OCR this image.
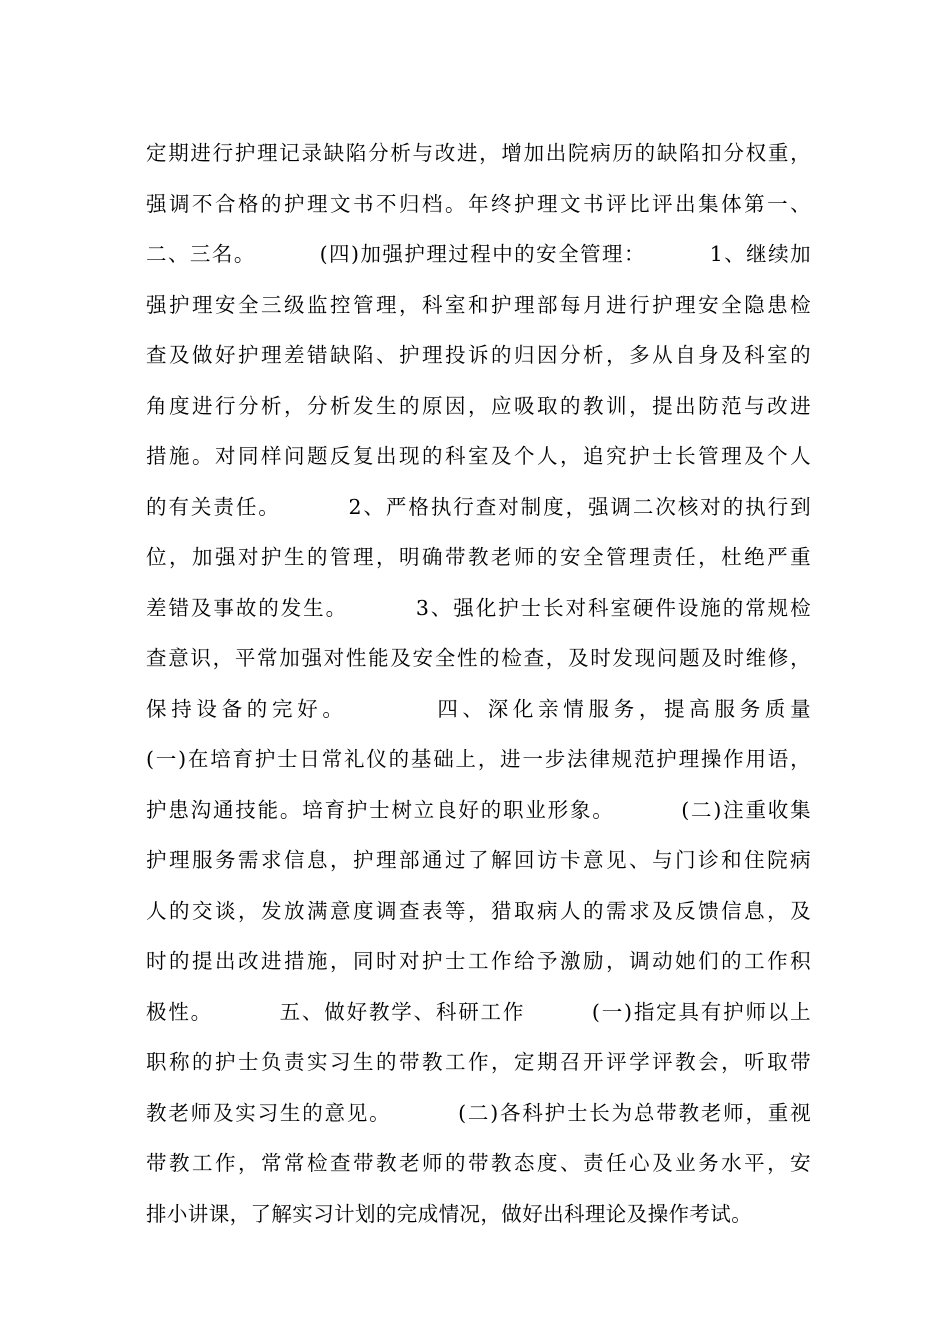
定期进行护理记录缺陷分析与改进，增加出院病历的缺陷扣分权重，
强调不合格的护理文书不归档。年终护理文书评比评出集体第一、
二、三名。        (四)加强护理过程中的安全管理：        1、继续加
强护理安全三级监控管理，科室和护理部每月进行护理安全隐患检
查及做好护理差错缺陷、护理投诉的归因分析，多从自身及科室的
角度进行分析，分析发生的原因，应吸取的教训，提出防范与改进
措施。对同样问题反复出现的科室及个人，追究护士长管理及个人
的有关责任。        2、严格执行查对制度，强调二次核对的执行到
位，加强对护生的管理，明确带教老师的安全管理责任，杜绝严重
差错及事故的发生。        3、强化护士长对科室硬件设施的常规检
查意识，平常加强对性能及安全性的检查，及时发现问题及时维修，
保持设备的完好。        四、深化亲情服务，提高服务质量
(一)在培育护士日常礼仪的基础上，进一步法律规范护理操作用语，
护患沟通技能。培育护士树立良好的职业形象。        (二)注重收集
护理服务需求信息，护理部通过了解回访卡意见、与门诊和住院病
人的交谈，发放满意度调查表等，猎取病人的需求及反馈信息，及
时的提出改进措施，同时对护士工作给予激励，调动她们的工作积
极性。        五、做好教学、科研工作        (一)指定具有护师以上
职称的护士负责实习生的带教工作，定期召开评学评教会，听取带
教老师及实习生的意见。        (二)各科护士长为总带教老师，重视
带教工作，常常检查带教老师的带教态度、责任心及业务水平，安
排小讲课，了解实习计划的完成情况，做好出科理论及操作考试。
